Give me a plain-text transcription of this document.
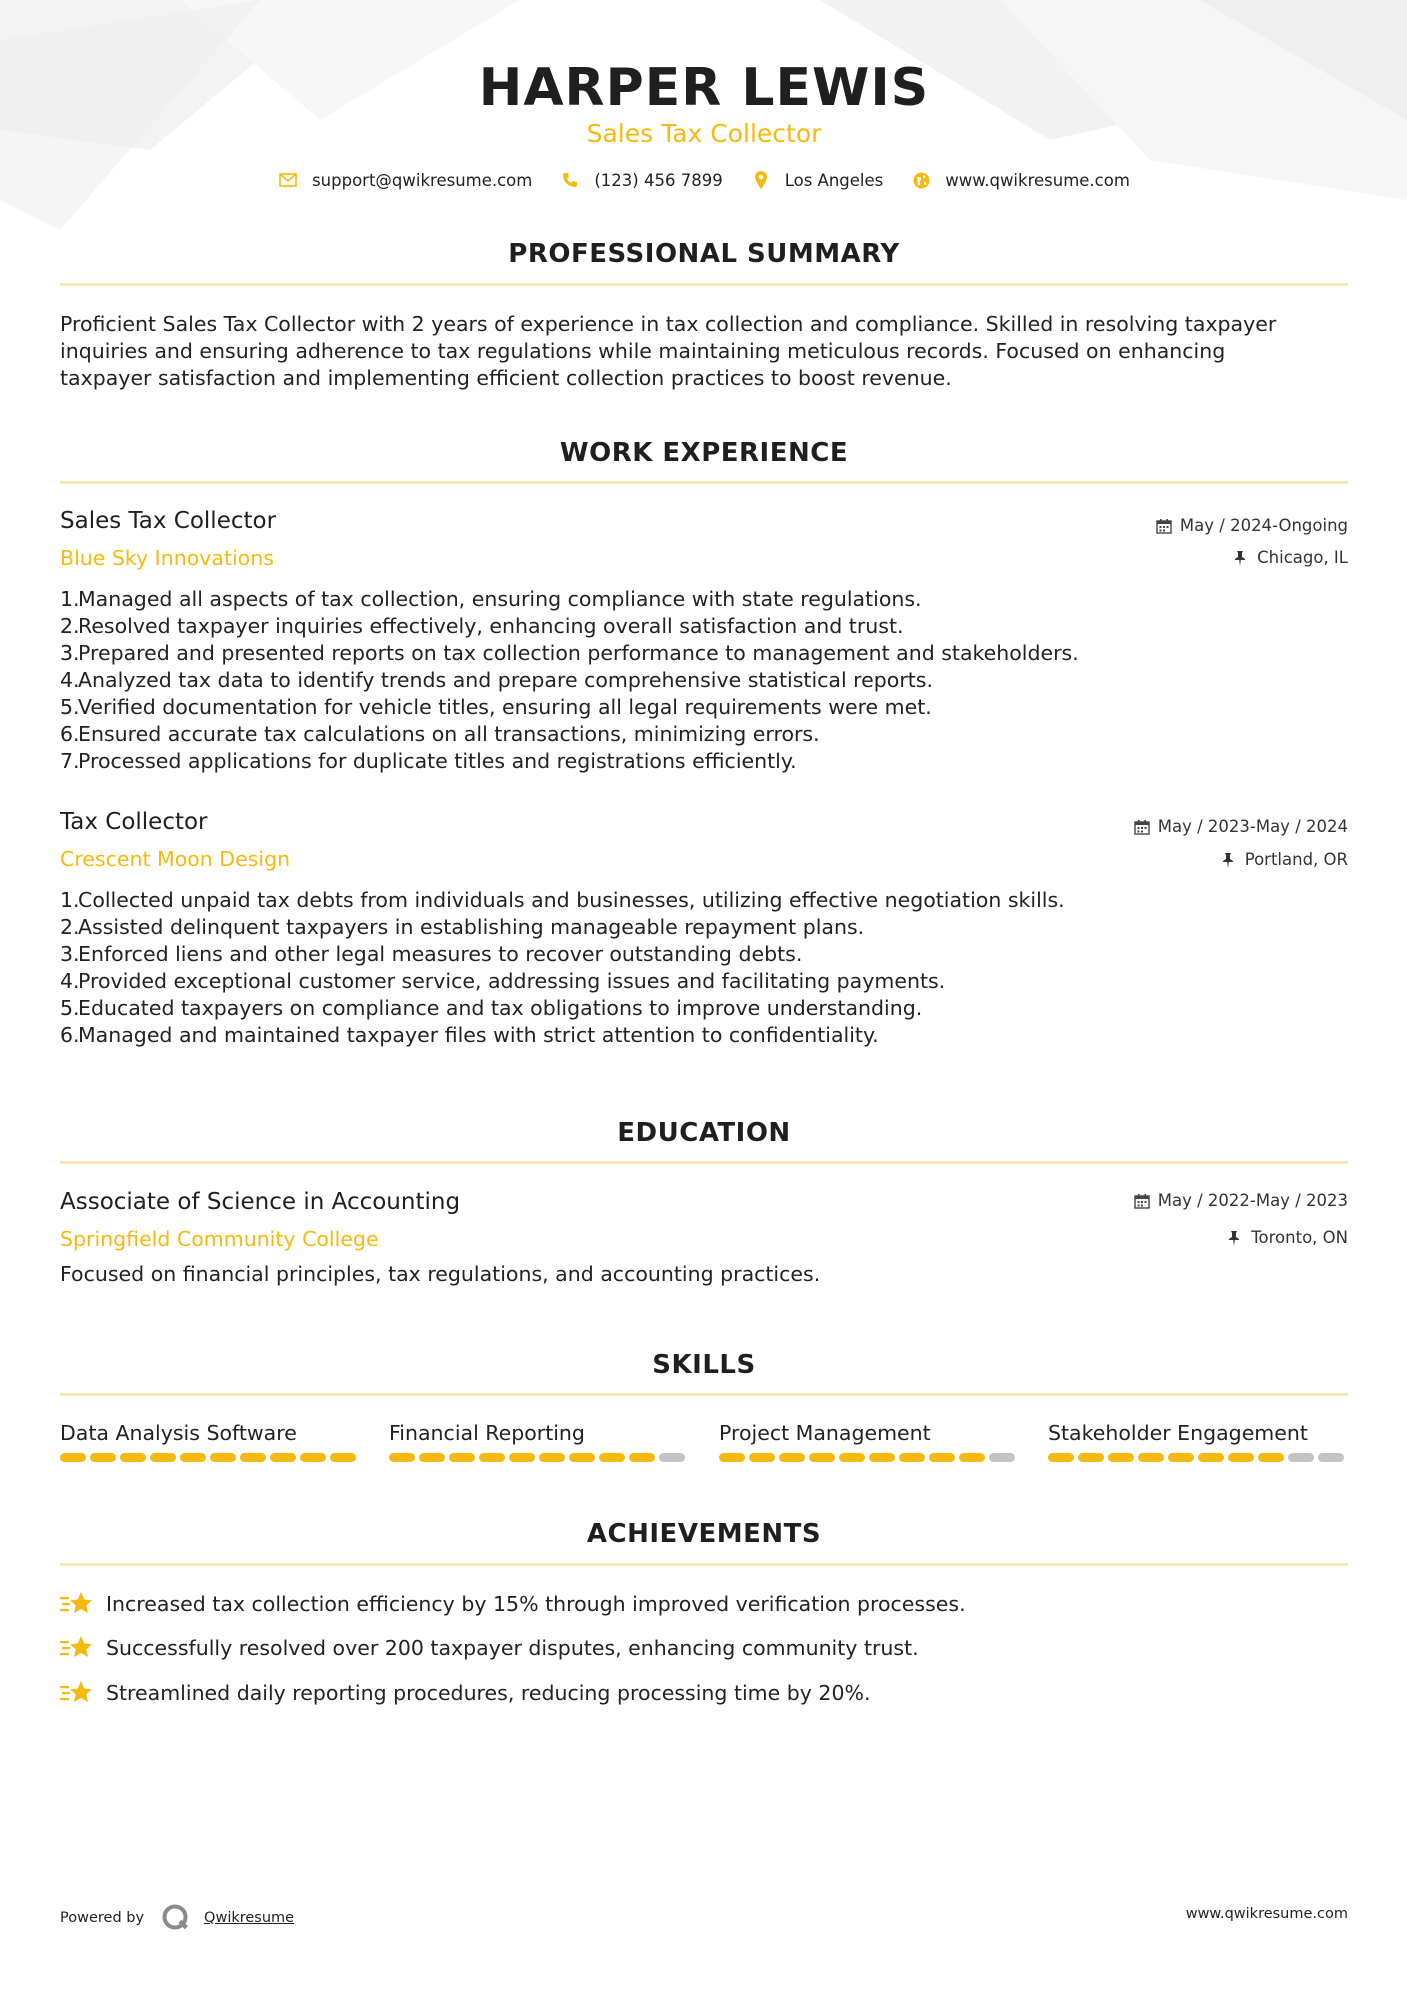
HARPER LEWIS
Sales Tax Collector
support@qwikresume.com	(123) 456 7899	Los Angeles	www.qwikresume.com
PROFESSIONAL SUMMARY
Proficient Sales Tax Collector with 2 years of experience in tax collection and compliance. Skilled in resolving taxpayer
inquiries and ensuring adherence to tax regulations while maintaining meticulous records. Focused on enhancing
taxpayer satisfaction and implementing efficient collection practices to boost revenue.
WORK EXPERIENCE
Sales Tax Collector	May / 2024-Ongoing
Blue Sky Innovations	Chicago, IL
1.
Managed all aspects of tax collection, ensuring compliance with state regulations.
2.
Resolved taxpayer inquiries effectively, enhancing overall satisfaction and trust.
3.
Prepared and presented reports on tax collection performance to management and stakeholders.
4.
Analyzed tax data to identify trends and prepare comprehensive statistical reports.
5.
Verified documentation for vehicle titles, ensuring all legal requirements were met.
6.
Ensured accurate tax calculations on all transactions, minimizing errors.
7.
Processed applications for duplicate titles and registrations efficiently.
Tax Collector	May / 2023-May / 2024
Crescent Moon Design	Portland, OR
1.
Collected unpaid tax debts from individuals and businesses, utilizing effective negotiation skills.
2.
Assisted delinquent taxpayers in establishing manageable repayment plans.
3.
Enforced liens and other legal measures to recover outstanding debts.
4.
Provided exceptional customer service, addressing issues and facilitating payments.
5.
Educated taxpayers on compliance and tax obligations to improve understanding.
6.
Managed and maintained taxpayer files with strict attention to confidentiality.
EDUCATION
Associate of Science in Accounting	May / 2022-May / 2023
Springfield Community College	Toronto, ON
Focused on financial principles, tax regulations, and accounting practices.
SKILLS
Data Analysis Software	Financial Reporting	Project Management	Stakeholder Engagement
ACHIEVEMENTS
Increased tax collection efficiency by 15% through improved verification processes.
Successfully resolved over 200 taxpayer disputes, enhancing community trust.
Streamlined daily reporting procedures, reducing processing time by 20%.
Powered by	Qwikresume	www.qwikresume.com
